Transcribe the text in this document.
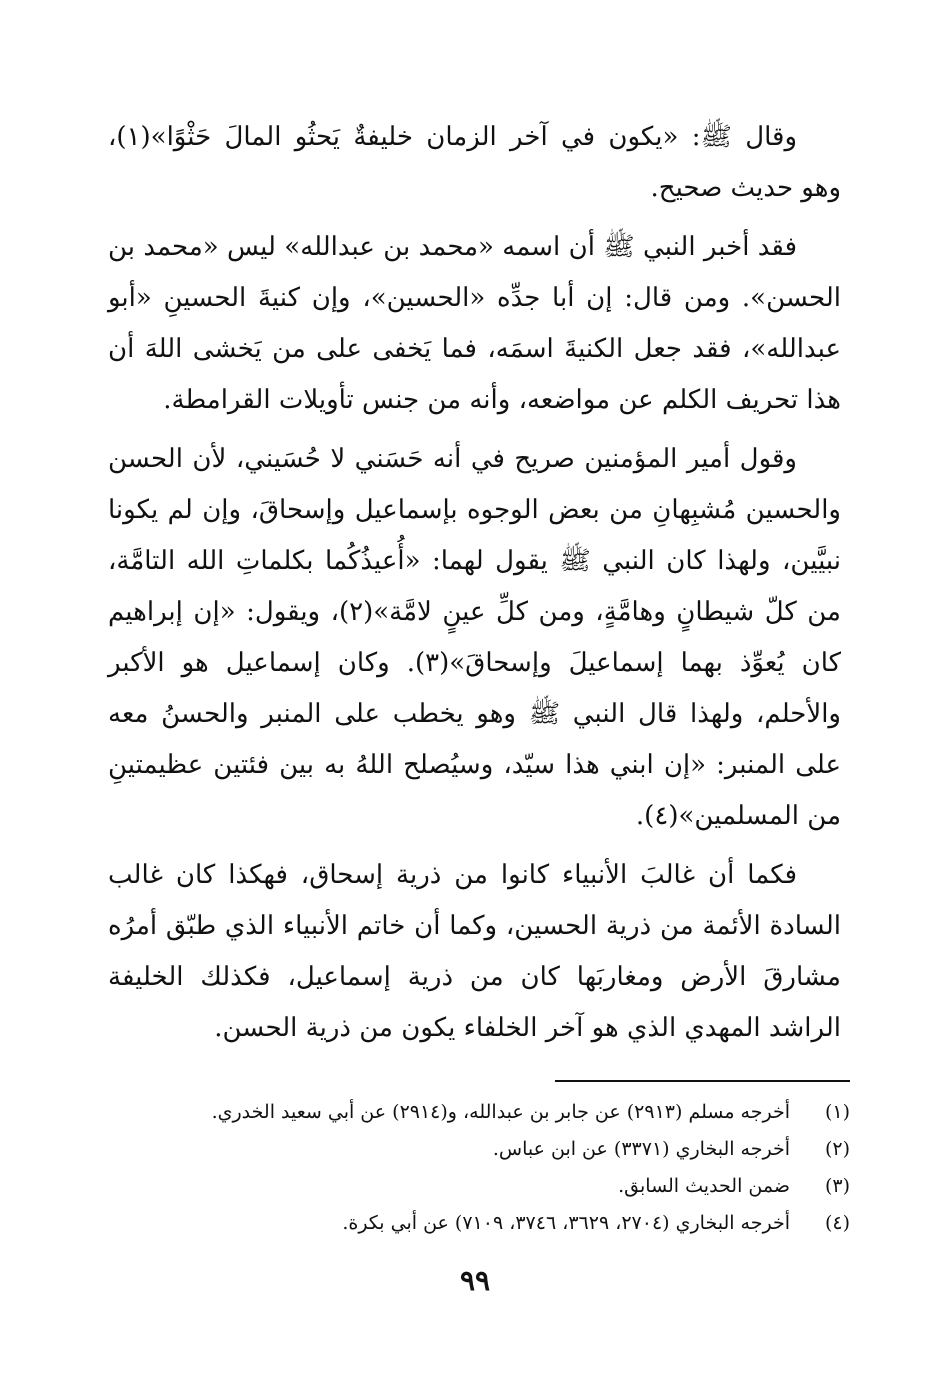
وقال ﷺ: «يكون في آخر الزمان خليفةٌ يَحثُو المالَ حَثْوًا»(١)، وهو حديث صحيح.

فقد أخبر النبي ﷺ أن اسمه «محمد بن عبدالله» ليس «محمد بن الحسن». ومن قال: إن أبا جدِّه «الحسين»، وإن كنيةَ الحسينِ «أبو عبدالله»، فقد جعل الكنيةَ اسمَه، فما يَخفى على من يَخشى اللهَ أن هذا تحريف الكلم عن مواضعه، وأنه من جنس تأويلات القرامطة.

وقول أمير المؤمنين صريح في أنه حَسَني لا حُسَيني، لأن الحسن والحسين مُشبِهانِ من بعض الوجوه بإسماعيل وإسحاقَ، وإن لم يكونا نبيَّين، ولهذا كان النبي ﷺ يقول لهما: «أُعيذُكُما بكلماتِ الله التامَّة، من كلّ شيطانٍ وهامَّةٍ، ومن كلِّ عينٍ لامَّة»(٢)، ويقول: «إن إبراهيم كان يُعوِّذ بهما إسماعيلَ وإسحاقَ»(٣). وكان إسماعيل هو الأكبر والأحلم، ولهذا قال النبي ﷺ وهو يخطب على المنبر والحسنُ معه على المنبر: «إن ابني هذا سيّد، وسيُصلح اللهُ به بين فئتين عظيمتينِ من المسلمين»(٤).

فكما أن غالبَ الأنبياء كانوا من ذرية إسحاق، فهكذا كان غالب السادة الأئمة من ذرية الحسين، وكما أن خاتم الأنبياء الذي طبّق أمرُه مشارقَ الأرض ومغاربَها كان من ذرية إسماعيل، فكذلك الخليفة الراشد المهدي الذي هو آخر الخلفاء يكون من ذرية الحسن.

(١)
أخرجه مسلم (٢٩١٣) عن جابر بن عبدالله، و(٢٩١٤) عن أبي سعيد الخدري.
(٢)
أخرجه البخاري (٣٣٧١) عن ابن عباس.
(٣)
ضمن الحديث السابق.
(٤)
أخرجه البخاري (٢٧٠٤، ٣٦٢٩، ٣٧٤٦، ٧١٠٩) عن أبي بكرة.
٩٩
